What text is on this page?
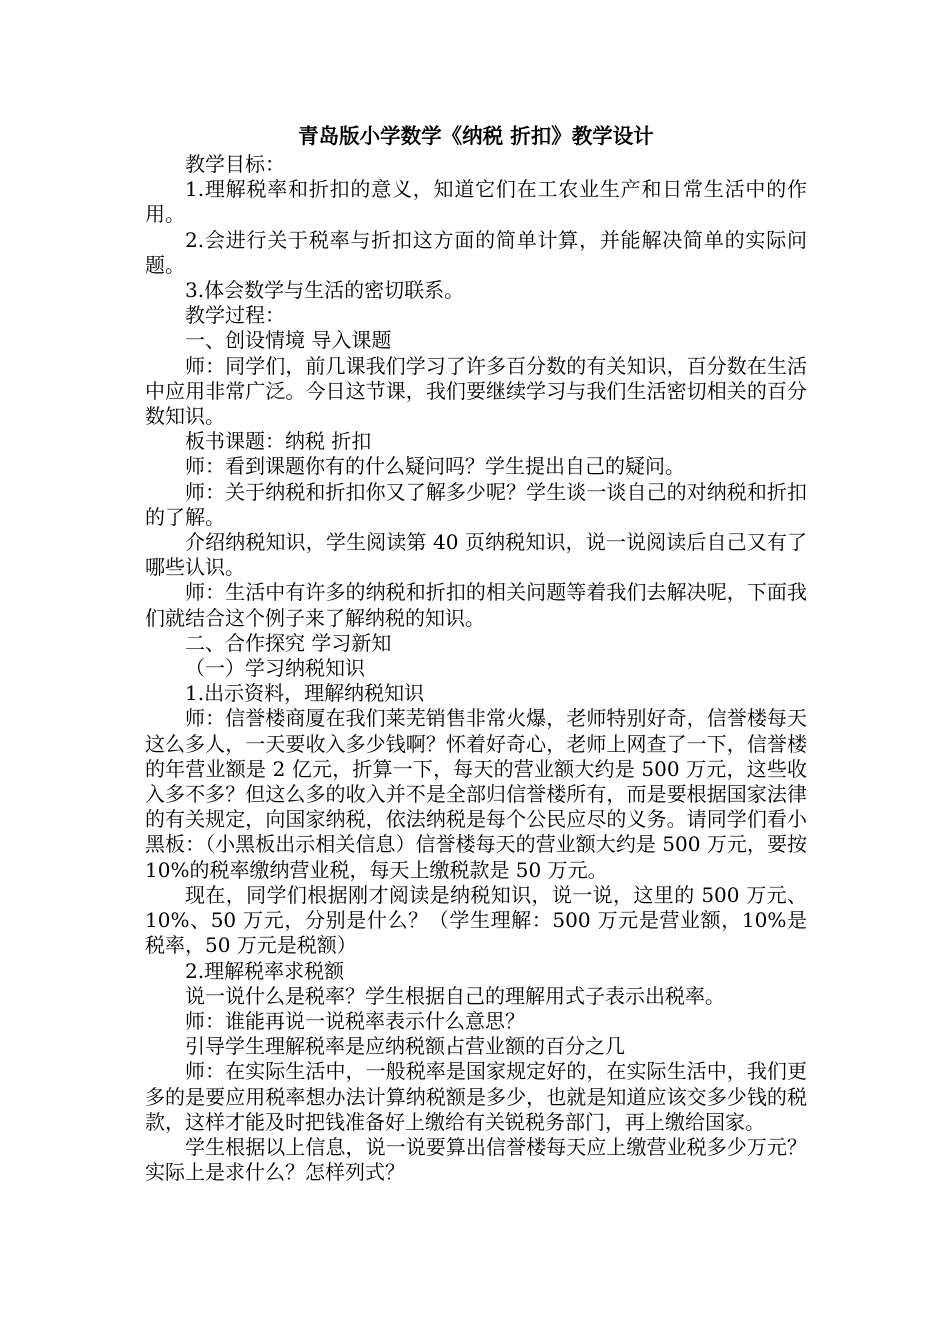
青岛版小学数学《纳税 折扣》教学设计

教学目标：

1.理解税率和折扣的意义，知道它们在工农业生产和日常生活中的作用。

2.会进行关于税率与折扣这方面的简单计算，并能解决简单的实际问题。

3.体会数学与生活的密切联系。

教学过程：

一、创设情境 导入课题

师：同学们，前几课我们学习了许多百分数的有关知识，百分数在生活中应用非常广泛。今日这节课，我们要继续学习与我们生活密切相关的百分数知识。

板书课题：纳税 折扣

师：看到课题你有的什么疑问吗？学生提出自己的疑问。

师：关于纳税和折扣你又了解多少呢？学生谈一谈自己的对纳税和折扣的了解。

介绍纳税知识，学生阅读第 40 页纳税知识，说一说阅读后自己又有了哪些认识。

师：生活中有许多的纳税和折扣的相关问题等着我们去解决呢，下面我们就结合这个例子来了解纳税的知识。

二、合作探究 学习新知

（一）学习纳税知识

1.出示资料，理解纳税知识

师：信誉楼商厦在我们莱芜销售非常火爆，老师特别好奇，信誉楼每天这么多人，一天要收入多少钱啊？怀着好奇心，老师上网查了一下，信誉楼的年营业额是 2 亿元，折算一下，每天的营业额大约是 500 万元，这些收入多不多？但这么多的收入并不是全部归信誉楼所有，而是要根据国家法律的有关规定，向国家纳税，依法纳税是每个公民应尽的义务。请同学们看小黑板：（小黑板出示相关信息）信誉楼每天的营业额大约是 500 万元，要按 10%的税率缴纳营业税，每天上缴税款是 50 万元。

现在，同学们根据刚才阅读是纳税知识，说一说，这里的 500 万元、10%、50 万元，分别是什么？（学生理解：500 万元是营业额，10%是税率，50 万元是税额）

2.理解税率求税额

说一说什么是税率？学生根据自己的理解用式子表示出税率。

师：谁能再说一说税率表示什么意思？

引导学生理解税率是应纳税额占营业额的百分之几

师：在实际生活中，一般税率是国家规定好的，在实际生活中，我们更多的是要应用税率想办法计算纳税额是多少，也就是知道应该交多少钱的税款，这样才能及时把钱准备好上缴给有关锐税务部门，再上缴给国家。

学生根据以上信息，说一说要算出信誉楼每天应上缴营业税多少万元？实际上是求什么？怎样列式？
